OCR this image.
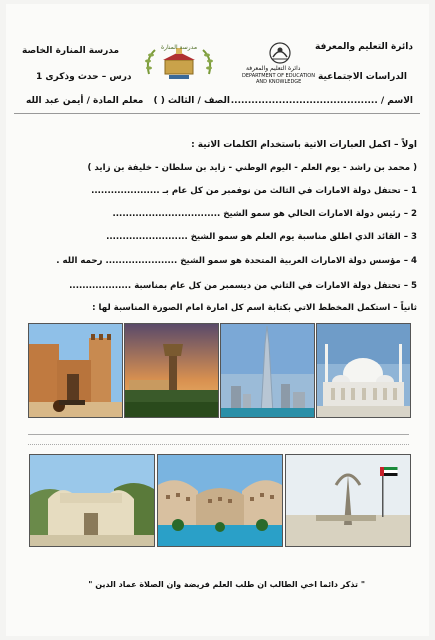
دائرة التعليم والمعرفة
الدراسات الاجتماعية
الاسم / ...........................................
الصف / الثالث ( )
مدرسة المنارة الخاصة
درس – حدث وذكرى 1
معلم المادة / أيمن عبد الله
دائرة التعليم والمعرفة
DEPARTMENT OF EDUCATION
AND KNOWLEDGE
مدرسة المنارة
اولاً – اكمل العبارات الاتية باستخدام الكلمات الاتية :
( محمد بن راشد - يوم العلم - اليوم الوطني - زايد بن سلطان - خليفة بن زايد )
1 – تحتفل دولة الامارات في الثالث من نوفمبر من كل عام بـ .....................
2 – رئيس دولة الامارات الحالي هو سمو الشيخ .................................
3 – القائد الذي اطلق مناسبة يوم العلم هو سمو الشيخ .........................
4 – مؤسس دولة الامارات العربية المتحدة هو سمو الشيخ ...................... رحمه الله .
5 – تحتفل دولة الامارات في الثاني من ديسمبر من كل عام بمناسبة ...................
ثانياً – استكمل المخطط الاتي بكتابة اسم كل امارة امام الصورة المناسبة لها :
" تذكر دائما اخي الطالب ان طلب العلم فريضة وان الصلاة عماد الدين "
